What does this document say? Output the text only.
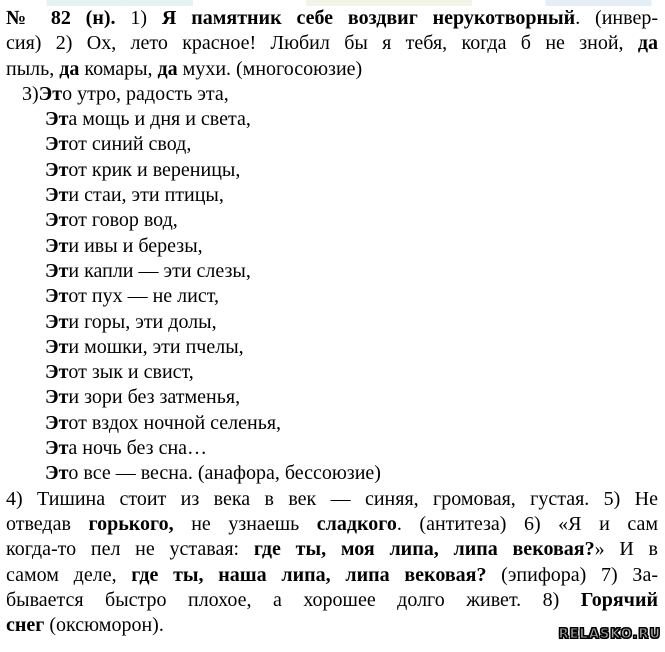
№ 82 (н). 1) Я памятник себе воздвиг нерукотворный. (инвер-
сия) 2) Ох, лето красное! Любил бы я тебя, когда б не зной, да
пыль, да комары, да мухи. (многосоюзие)
3)Это утро, радость эта,
Эта мощь и дня и света,
Этот синий свод,
Этот крик и вереницы,
Эти стаи, эти птицы,
Этот говор вод,
Эти ивы и березы,
Эти капли — эти слезы,
Этот пух — не лист,
Эти горы, эти долы,
Эти мошки, эти пчелы,
Этот зык и свист,
Эти зори без затменья,
Этот вздох ночной селенья,
Эта ночь без сна…
Это все — весна. (анафора, бессоюзие)
4) Тишина стоит из века в век — синяя, громовая, густая. 5) Не
отведав горького, не узнаешь сладкого. (антитеза) 6) «Я и сам
когда-то пел не уставая: где ты, моя липа, липа вековая?» И в
самом деле, где ты, наша липа, липа вековая? (эпифора) 7) За-
бывается быстро плохое, а хорошее долго живет. 8) Горячий
снег (оксюморон).	RELASKO.RU
